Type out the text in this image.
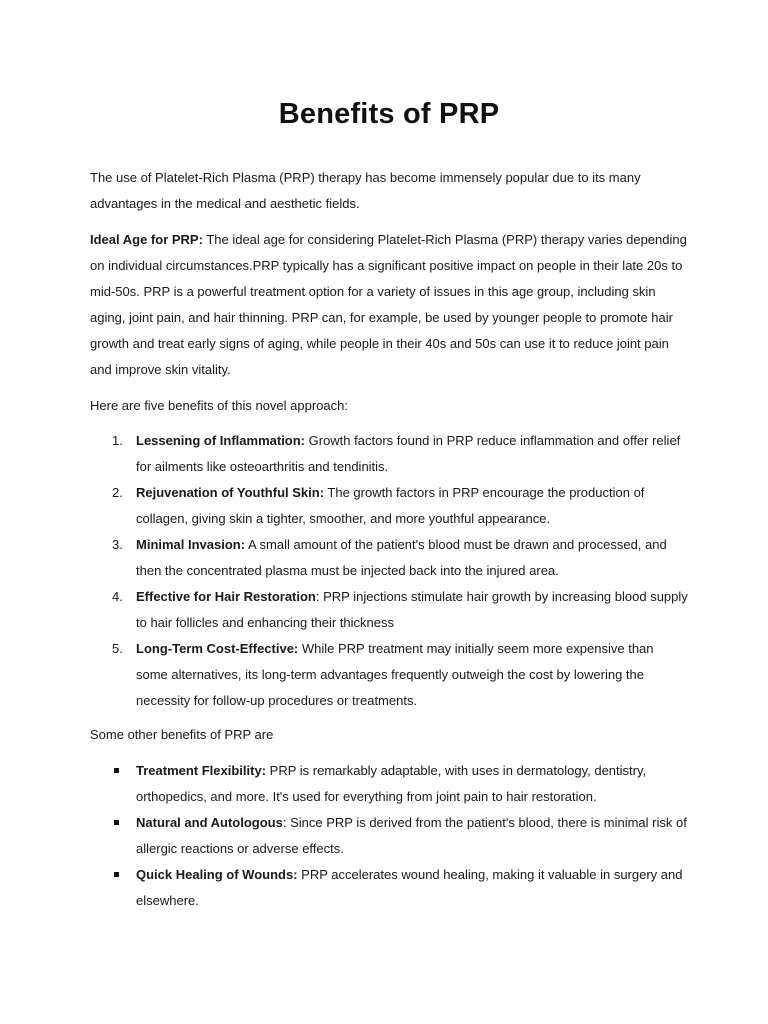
Benefits of PRP

The use of Platelet-Rich Plasma (PRP) therapy has become immensely popular due to its many advantages in the medical and aesthetic fields.

Ideal Age for PRP: The ideal age for considering Platelet-Rich Plasma (PRP) therapy varies depending on individual circumstances.PRP typically has a significant positive impact on people in their late 20s to mid-50s. PRP is a powerful treatment option for a variety of issues in this age group, including skin aging, joint pain, and hair thinning. PRP can, for example, be used by younger people to promote hair growth and treat early signs of aging, while people in their 40s and 50s can use it to reduce joint pain and improve skin vitality.

Here are five benefits of this novel approach:

1. Lessening of Inflammation: Growth factors found in PRP reduce inflammation and offer relief for ailments like osteoarthritis and tendinitis.
2. Rejuvenation of Youthful Skin: The growth factors in PRP encourage the production of collagen, giving skin a tighter, smoother, and more youthful appearance.
3. Minimal Invasion: A small amount of the patient's blood must be drawn and processed, and then the concentrated plasma must be injected back into the injured area.
4. Effective for Hair Restoration: PRP injections stimulate hair growth by increasing blood supply to hair follicles and enhancing their thickness
5. Long-Term Cost-Effective: While PRP treatment may initially seem more expensive than some alternatives, its long-term advantages frequently outweigh the cost by lowering the necessity for follow-up procedures or treatments.

Some other benefits of PRP are

Treatment Flexibility: PRP is remarkably adaptable, with uses in dermatology, dentistry, orthopedics, and more. It's used for everything from joint pain to hair restoration.
Natural and Autologous: Since PRP is derived from the patient's blood, there is minimal risk of allergic reactions or adverse effects.
Quick Healing of Wounds: PRP accelerates wound healing, making it valuable in surgery and elsewhere.
